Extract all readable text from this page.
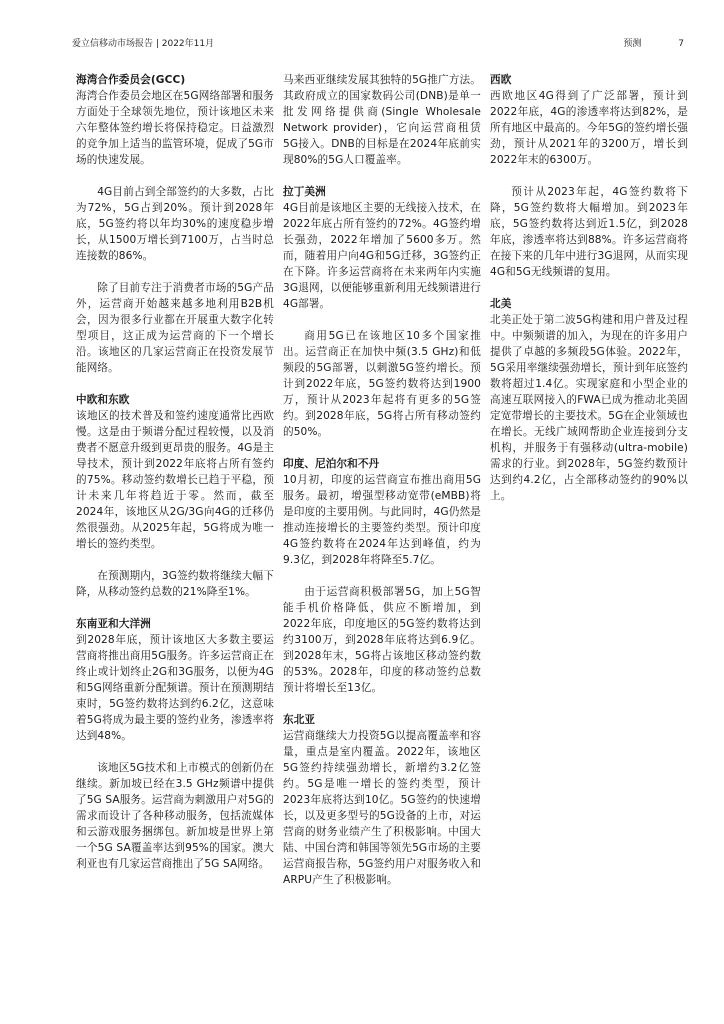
爱立信移动市场报告 | 2022年11月	预测	7
海湾合作委员会(GCC)

海湾合作委员会地区在5G网络部署和服务方面处于全球领先地位，预计该地区未来六年整体签约增长将保持稳定。日益激烈的竞争加上适当的监管环境，促成了5G市场的快速发展。

4G目前占到全部签约的大多数，占比为72%，5G占到20%。预计到2028年底，5G签约将以年均30%的速度稳步增长，从1500万增长到7100万，占当时总连接数的86%。

除了目前专注于消费者市场的5G产品外，运营商开始越来越多地利用B2B机会，因为很多行业都在开展重大数字化转型项目，这正成为运营商的下一个增长沿。该地区的几家运营商正在投资发展节能网络。

中欧和东欧

该地区的技术普及和签约速度通常比西欧慢。这是由于频谱分配过程较慢，以及消费者不愿意升级到更昂贵的服务。4G是主导技术，预计到2022年底将占所有签约的75%。移动签约数增长已趋于平稳，预计未来几年将趋近于零。然而，截至2024年，该地区从2G/3G向4G的迁移仍然很强劲。从2025年起，5G将成为唯一增长的签约类型。

在预测期内，3G签约数将继续大幅下降，从移动签约总数的21%降至1%。

东南亚和大洋洲

到2028年底，预计该地区大多数主要运营商将推出商用5G服务。许多运营商正在终止或计划终止2G和3G服务，以便为4G和5G网络重新分配频谱。预计在预测期结束时，5G签约数将达到约6.2亿，这意味着5G将成为最主要的签约业务，渗透率将达到48%。

该地区5G技术和上市模式的创新仍在继续。新加坡已经在3.5 GHz频谱中提供了5G SA服务。运营商为刺激用户对5G的需求而设计了各种移动服务，包括流媒体和云游戏服务捆绑包。新加坡是世界上第一个5G SA覆盖率达到95%的国家。澳大利亚也有几家运营商推出了5G SA网络。

马来西亚继续发展其独特的5G推广方法。其政府成立的国家数码公司(DNB)是单一批发网络提供商(Single Wholesale Network provider)，它向运营商租赁5G接入。DNB的目标是在2024年底前实现80%的5G人口覆盖率。

拉丁美洲

4G目前是该地区主要的无线接入技术，在2022年底占所有签约的72%。4G签约增长强劲，2022年增加了5600多万。然而，随着用户向4G和5G迁移，3G签约正在下降。许多运营商将在未来两年内实施3G退网，以便能够重新利用无线频谱进行4G部署。

商用5G已在该地区10多个国家推出。运营商正在加快中频(3.5 GHz)和低频段的5G部署，以刺激5G签约增长。预计到2022年底，5G签约数将达到1900万，预计从2023年起将有更多的5G签约。到2028年底，5G将占所有移动签约的50%。

印度、尼泊尔和不丹

10月初，印度的运营商宣布推出商用5G服务。最初，增强型移动宽带(eMBB)将是印度的主要用例。与此同时，4G仍然是推动连接增长的主要签约类型。预计印度4G签约数将在2024年达到峰值，约为9.3亿，到2028年将降至5.7亿。

由于运营商积极部署5G，加上5G智能手机价格降低，供应不断增加，到2022年底，印度地区的5G签约数将达到约3100万，到2028年底将达到6.9亿。到2028年末，5G将占该地区移动签约数的53%。2028年，印度的移动签约总数预计将增长至13亿。

东北亚

运营商继续大力投资5G以提高覆盖率和容量，重点是室内覆盖。2022年，该地区5G签约持续强劲增长，新增约3.2亿签约。5G是唯一增长的签约类型，预计2023年底将达到10亿。5G签约的快速增长，以及更多型号的5G设备的上市，对运营商的财务业绩产生了积极影响。中国大陆、中国台湾和韩国等领先5G市场的主要运营商报告称，5G签约用户对服务收入和ARPU产生了积极影响。

西欧

西欧地区4G得到了广泛部署，预计到2022年底，4G的渗透率将达到82%，是所有地区中最高的。今年5G的签约增长强劲，预计从2021年的3200万，增长到2022年末的6300万。

预计从2023年起，4G签约数将下降，5G签约数将大幅增加。到2023年底，5G签约数将达到近1.5亿，到2028年底，渗透率将达到88%。许多运营商将在接下来的几年中进行3G退网，从而实现4G和5G无线频谱的复用。

北美

北美正处于第二波5G构建和用户普及过程中。中频频谱的加入，为现在的许多用户提供了卓越的多频段5G体验。2022年，5G采用率继续强劲增长，预计到年底签约数将超过1.4亿。实现家庭和小型企业的高速互联网接入的FWA已成为推动北美固定宽带增长的主要技术。5G在企业领域也在增长。无线广域网帮助企业连接到分支机构，并服务于有强移动(ultra-mobile)需求的行业。到2028年，5G签约数预计达到约4.2亿，占全部移动签约的90%以上。
